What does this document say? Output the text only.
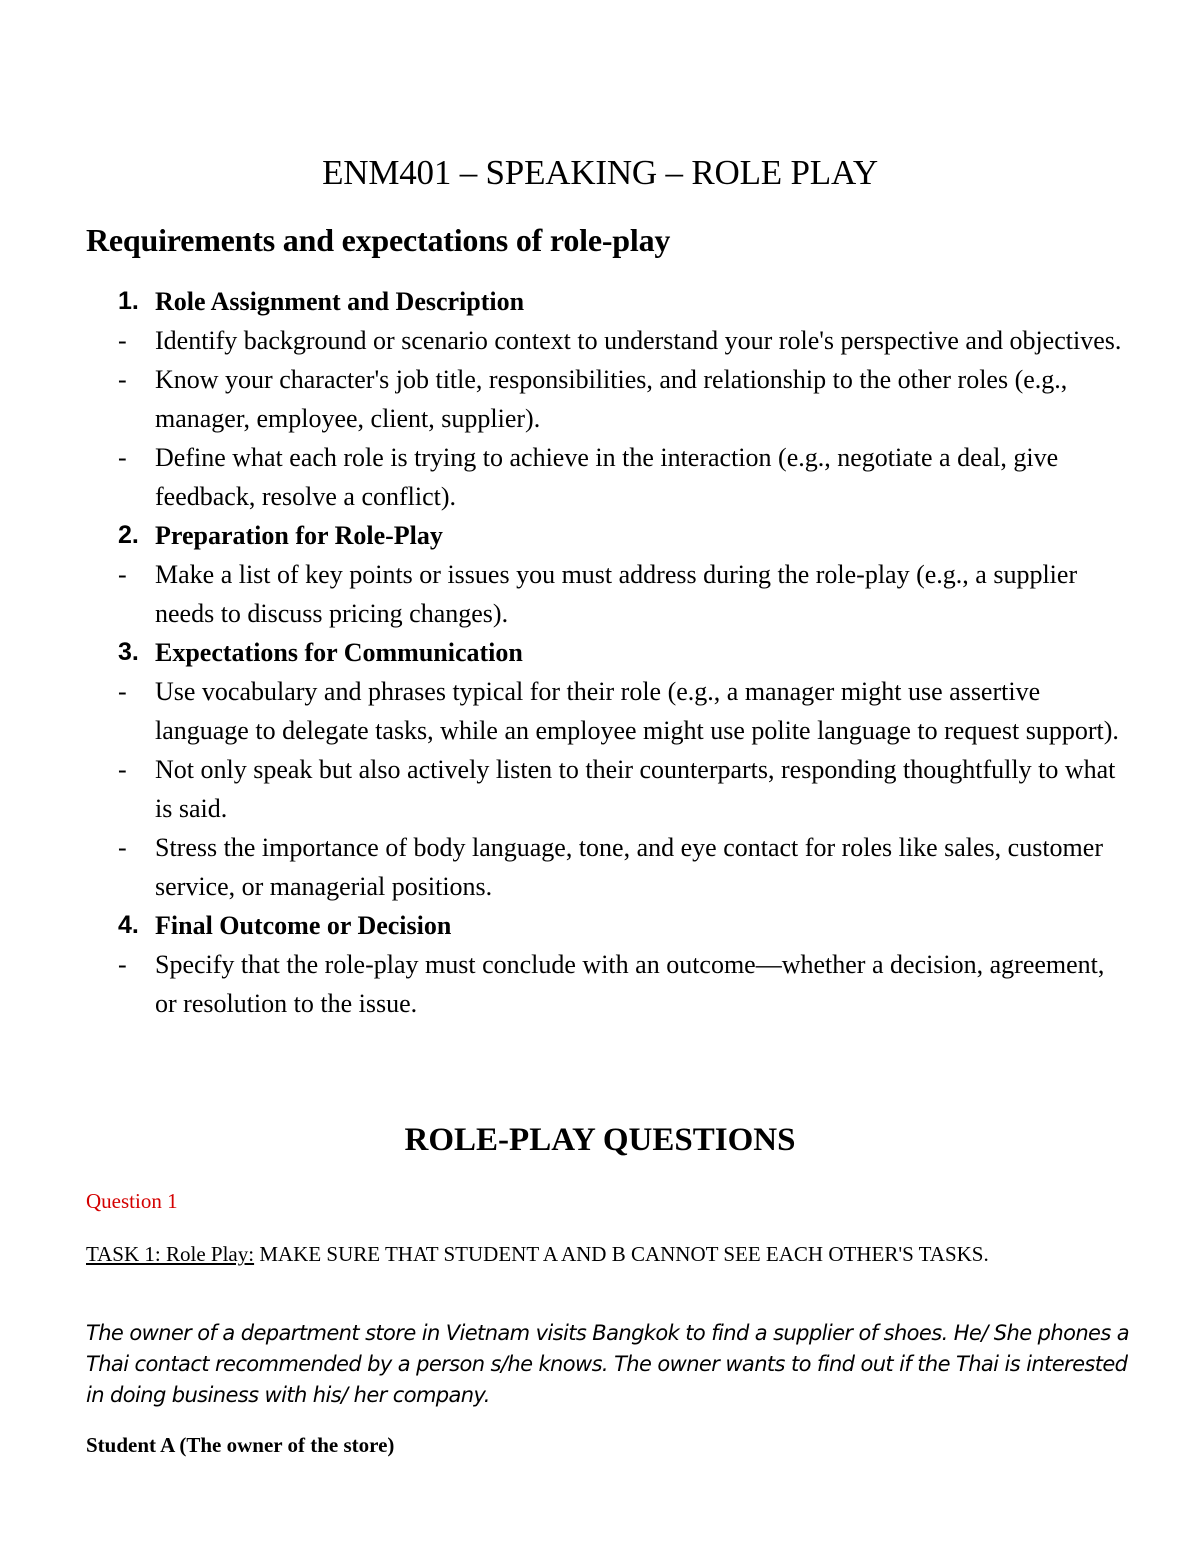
ENM401 – SPEAKING – ROLE PLAY
Requirements and expectations of role-play
1. Role Assignment and Description
- Identify background or scenario context to understand your role's perspective and objectives.
- Know your character's job title, responsibilities, and relationship to the other roles (e.g., manager, employee, client, supplier).
- Define what each role is trying to achieve in the interaction (e.g., negotiate a deal, give feedback, resolve a conflict).
2. Preparation for Role-Play
- Make a list of key points or issues you must address during the role-play (e.g., a supplier needs to discuss pricing changes).
3. Expectations for Communication
- Use vocabulary and phrases typical for their role (e.g., a manager might use assertive language to delegate tasks, while an employee might use polite language to request support).
- Not only speak but also actively listen to their counterparts, responding thoughtfully to what is said.
- Stress the importance of body language, tone, and eye contact for roles like sales, customer service, or managerial positions.
4. Final Outcome or Decision
- Specify that the role-play must conclude with an outcome—whether a decision, agreement, or resolution to the issue.
ROLE-PLAY QUESTIONS
Question 1
TASK 1: Role Play: MAKE SURE THAT STUDENT A AND B CANNOT SEE EACH OTHER'S TASKS.
The owner of a department store in Vietnam visits Bangkok to find a supplier of shoes. He/ She phones a Thai contact recommended by a person s/he knows. The owner wants to find out if the Thai is interested in doing business with his/ her company.
Student A (The owner of the store)
